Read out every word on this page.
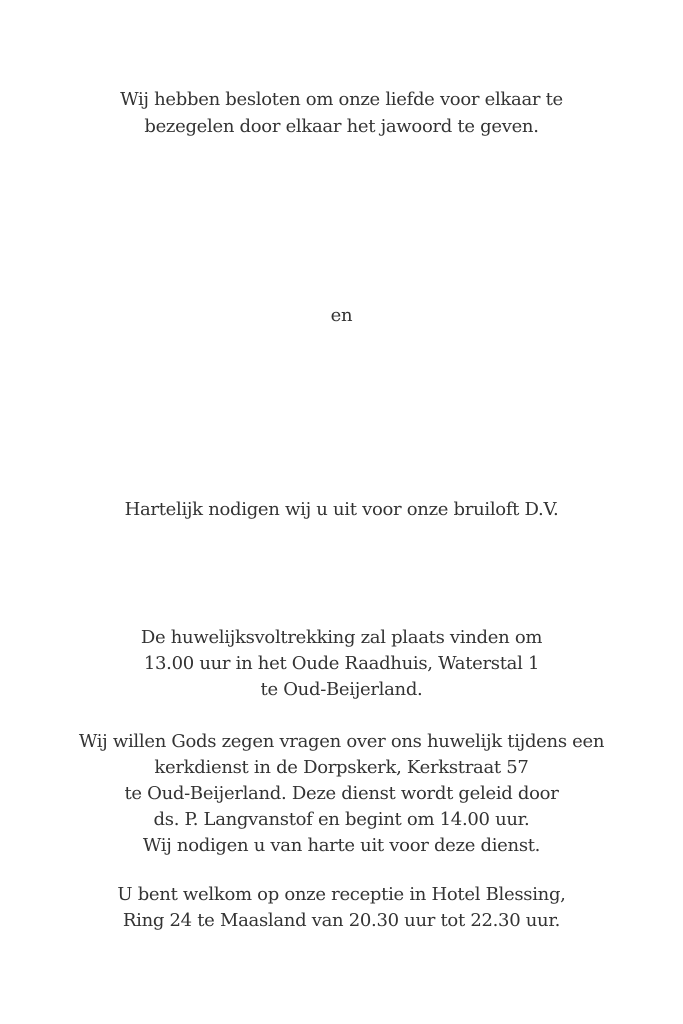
Wij hebben besloten om onze liefde voor elkaar te
bezegelen door elkaar het jawoord te geven.
en
Hartelijk nodigen wij u uit voor onze bruiloft D.V.
De huwelijksvoltrekking zal plaats vinden om
13.00 uur in het Oude Raadhuis, Waterstal 1
te Oud-Beijerland.
Wij willen Gods zegen vragen over ons huwelijk tijdens een
kerkdienst in de Dorpskerk, Kerkstraat 57
te Oud-Beijerland. Deze dienst wordt geleid door
ds. P. Langvanstof en begint om 14.00 uur.
Wij nodigen u van harte uit voor deze dienst.
U bent welkom op onze receptie in Hotel Blessing,
Ring 24 te Maasland van 20.30 uur tot 22.30 uur.
